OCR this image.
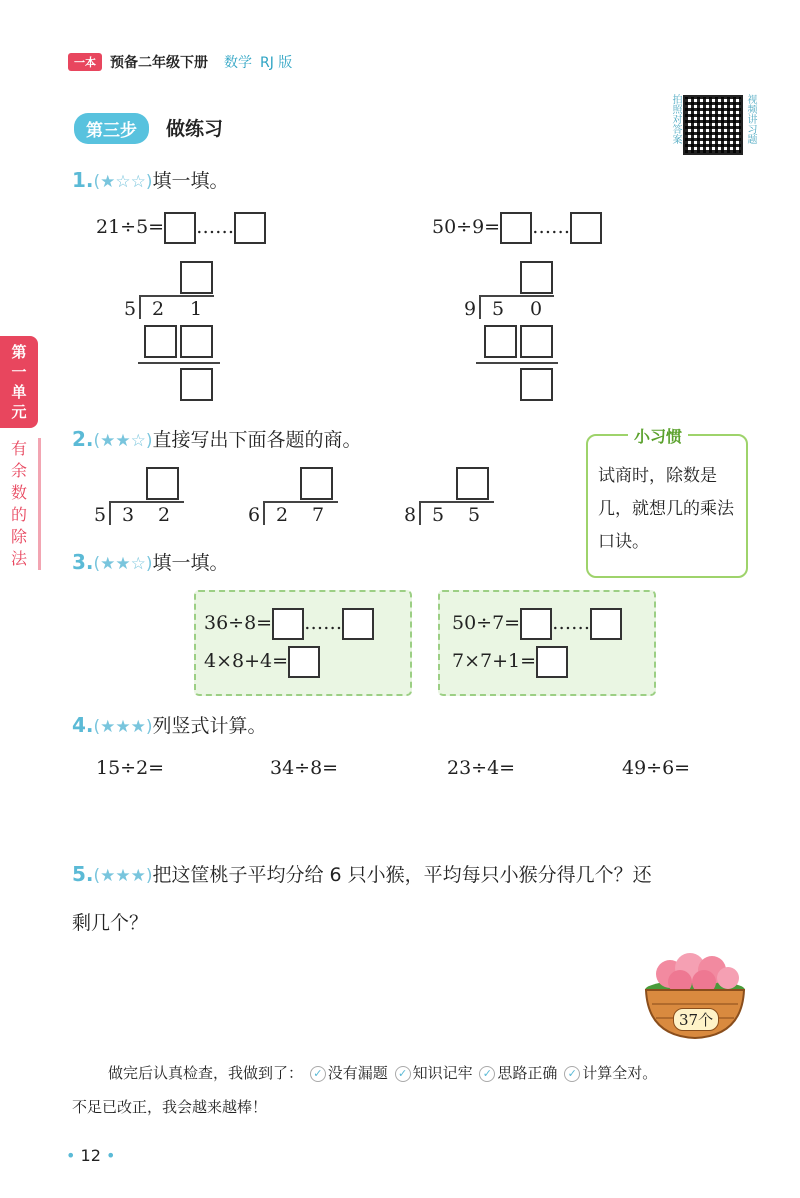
一本	预备二年级下册 数学 RJ 版
第三步	做练习	拍照对答案	视频讲习题
第一单元
有余数的除法
1.(★☆☆)填一填。
21÷5= ……	50÷9= ……
5 2 1	9 5 0
2.(★★☆)直接写出下面各题的商。
5 3 2	6 2 7	8 5 5
小习惯
试商时，除数是几，就想几的乘法口诀。
3.(★★☆)填一填。
36÷8= ……
4×8+4=
50÷7= ……
7×7+1=
4.(★★★)列竖式计算。
15÷2=	34÷8=	23÷4=	49÷6=
5.(★★★)把这筐桃子平均分给 6 只小猴，平均每只小猴分得几个？还
剩几个？
37个
做完后认真检查，我做到了： ✓ 没有漏题 ✓ 知识记牢 ✓ 思路正确 ✓ 计算全对。
不足已改正，我会越来越棒！
• 12 •
